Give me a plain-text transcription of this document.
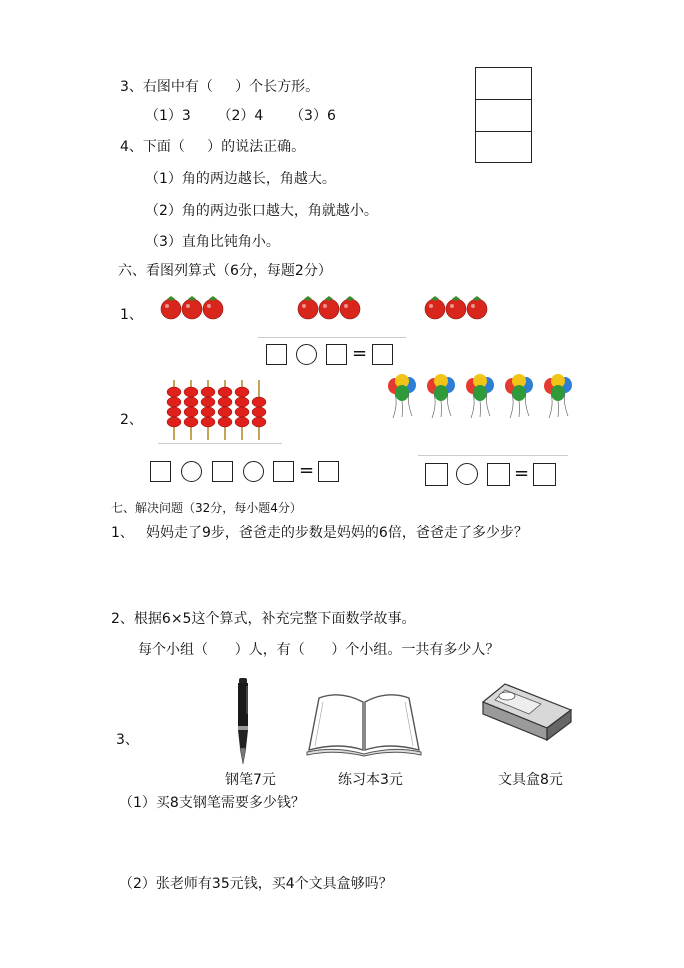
3、右图中有（     ）个长方形。
（1）3      （2）4      （3）6
4、下面（     ）的说法正确。
（1）角的两边越长，角越大。
（2）角的两边张口越大，角就越小。
（3）直角比钝角小。
六、看图列算式（6分，每题2分）
1、
=
2、
=	=
七、解决问题（32分，每小题4分）
1、 妈妈走了9步，爸爸走的步数是妈妈的6倍，爸爸走了多少步？
2、根据6×5这个算式，补充完整下面数学故事。
每个小组（      ）人，有（      ）个小组。一共有多少人？
3、
钢笔7元	练习本3元	文具盒8元
（1）买8支钢笔需要多少钱？
（2）张老师有35元钱，买4个文具盒够吗？
